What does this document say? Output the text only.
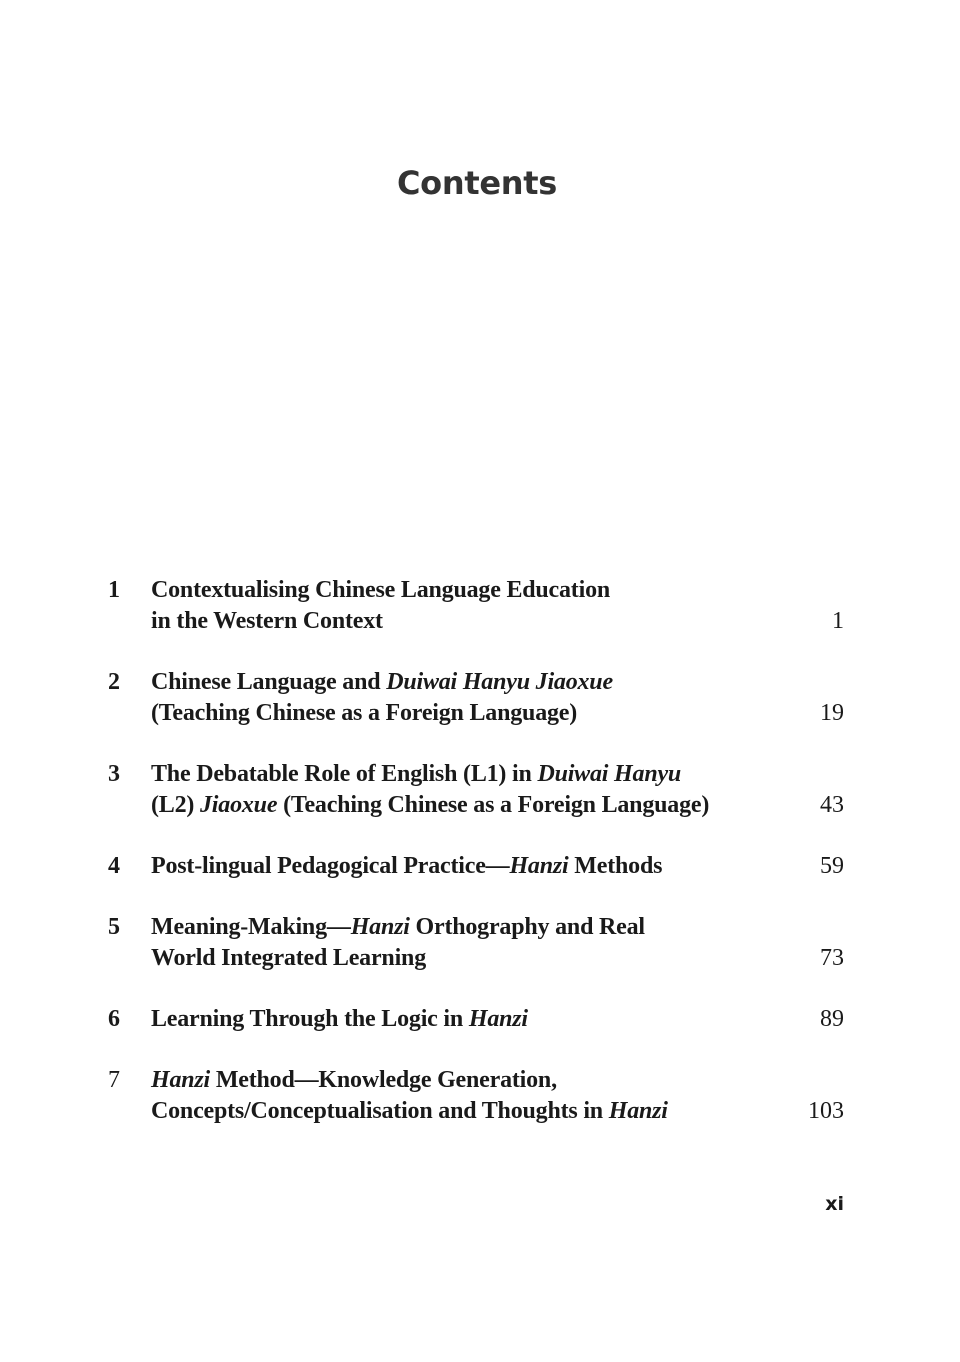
Contents
1	Contextualising Chinese Language Education
in the Western Context	1
2	Chinese Language and Duiwai Hanyu Jiaoxue
(Teaching Chinese as a Foreign Language)	19
3	The Debatable Role of English (L1) in Duiwai Hanyu
(L2) Jiaoxue (Teaching Chinese as a Foreign Language)	43
4	Post-lingual Pedagogical Practice—Hanzi Methods	59
5	Meaning-Making—Hanzi Orthography and Real
World Integrated Learning	73
6	Learning Through the Logic in Hanzi	89
7	Hanzi Method—Knowledge Generation,
Concepts/Conceptualisation and Thoughts in Hanzi	103
xi
